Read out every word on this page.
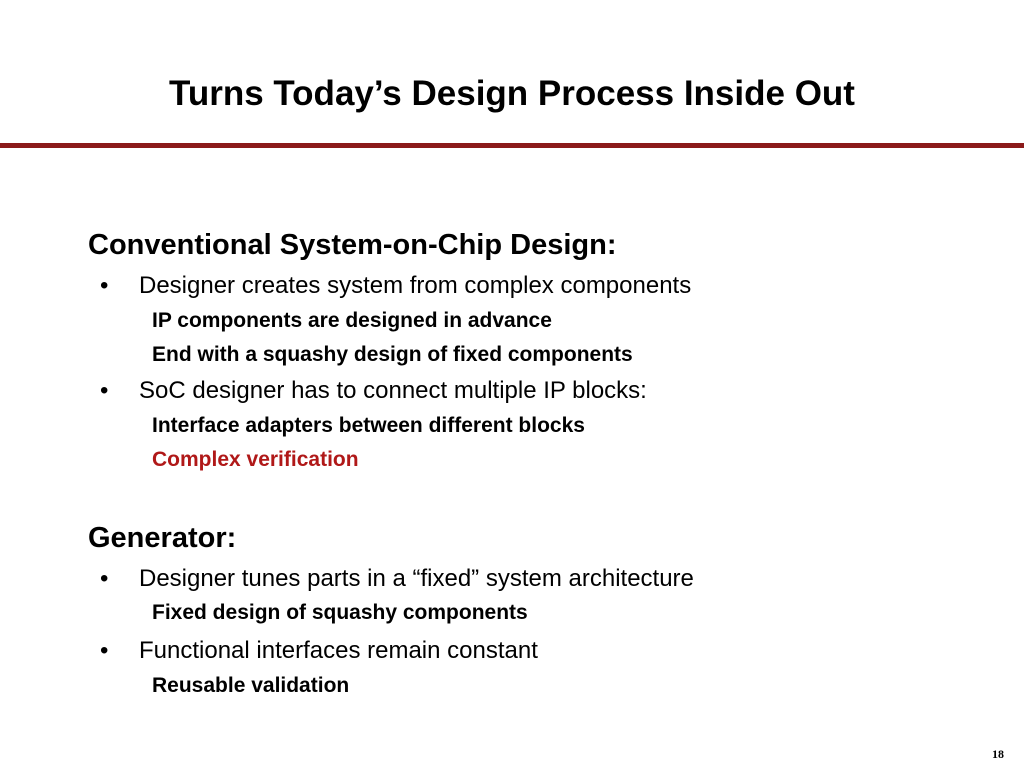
Turns Today’s Design Process Inside Out
Conventional System-on-Chip Design:
• Designer creates system from complex components
IP components are designed in advance
End with a squashy design of fixed components
• SoC designer has to connect multiple IP blocks:
Interface adapters between different blocks
Complex verification
Generator:
• Designer tunes parts in a “fixed” system architecture
Fixed design of squashy components
• Functional interfaces remain constant
Reusable validation
18
